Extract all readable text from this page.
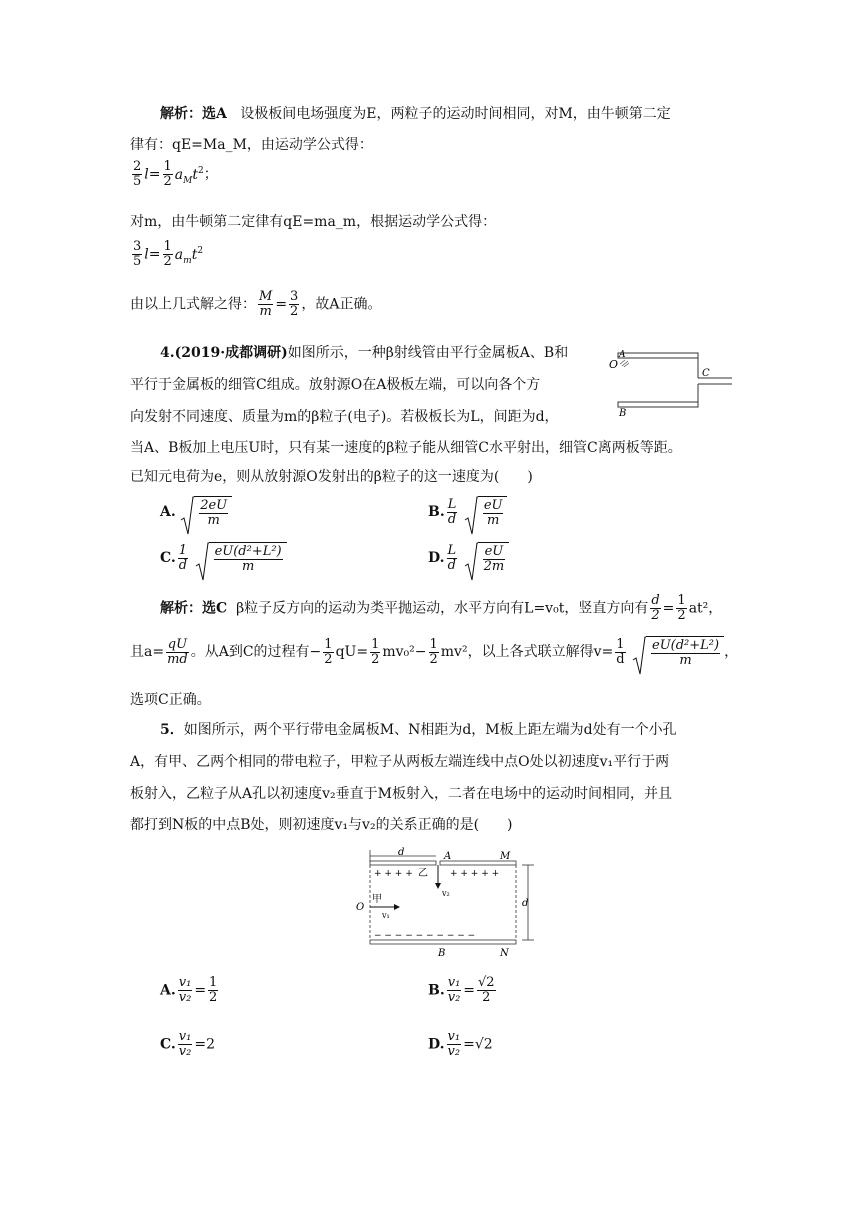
解析：选A 设极板间电场强度为E，两粒子的运动时间相同，对M，由牛顿第二定
律有：qE=Ma_M，由运动学公式得：
$\frac{2}{5} l= \frac{1}{2} a_Mt^2$；
对m，由牛顿第二定律有qE=ma_m，根据运动学公式得：
$\frac{3}{5} l= \frac{1}{2} a_mt^2$
由以上几式解之得： $\frac{M}{m} = \frac{3}{2}$ ，故A正确。
4.(2019·成都调研)如图所示，一种β射线管由平行金属板A、B和
平行于金属板的细管C组成。放射源O在A极板左端，可以向各个方
向发射不同速度、质量为m的β粒子(电子)。若极板长为L，间距为d，
当A、B板加上电压U时，只有某一速度的β粒子能从细管C水平射出，细管C离两板等距。
已知元电荷为e，则从放射源O发射出的β粒子的这一速度为(　　)
O
A
B
C
A. $\frac{2eU}{m}$	B. $\frac{L}{d}$
$\frac{eU}{m}$
C. $\frac{1}{d}$
$\frac{\text{eU(d²+L²)}}{m}$	D. $\frac{L}{d}$
$\frac{eU}{2m}$
解析：选C β粒子反方向的运动为类平抛运动，水平方向有L=v₀t，竖直方向有 $\frac{d}{2} = \frac{1}{2} at^2$，
且$a= \frac{qU}{md}$ 。从A到C的过程有− $\frac{1}{2} qU= \frac{1}{2} mv_0^2- \frac{1}{2} mv^2$，以上各式联立解得$v= \frac{1}{d}$
$\frac{\text{eU(d²+L²)}}{m}$ ，
选项C正确。
5．如图所示，两个平行带电金属板M、N相距为d，M板上距左端为d处有一个小孔
A，有甲、乙两个相同的带电粒子，甲粒子从两板左端连线中点O处以初速度v₁平行于两
板射入，乙粒子从A孔以初速度v₂垂直于M板射入，二者在电场中的运动时间相同，并且
都打到N板的中点B处，则初速度v₁与v₂的关系正确的是(　　)
d	A	M
+ + + + 乙 + + + + +
v₂
O
甲
v₁
d
− − − − − − − − − −
B	N
A. $\frac{\text{v₁}}{\text{v₂}} = \frac{1}{2}$	B. $\frac{\text{v₁}}{\text{v₂}} = \frac{√2}{2}$
C. $\frac{\text{v₁}}{\text{v₂}} =2$	D. $\frac{\text{v₁}}{\text{v₂}} =√2$
